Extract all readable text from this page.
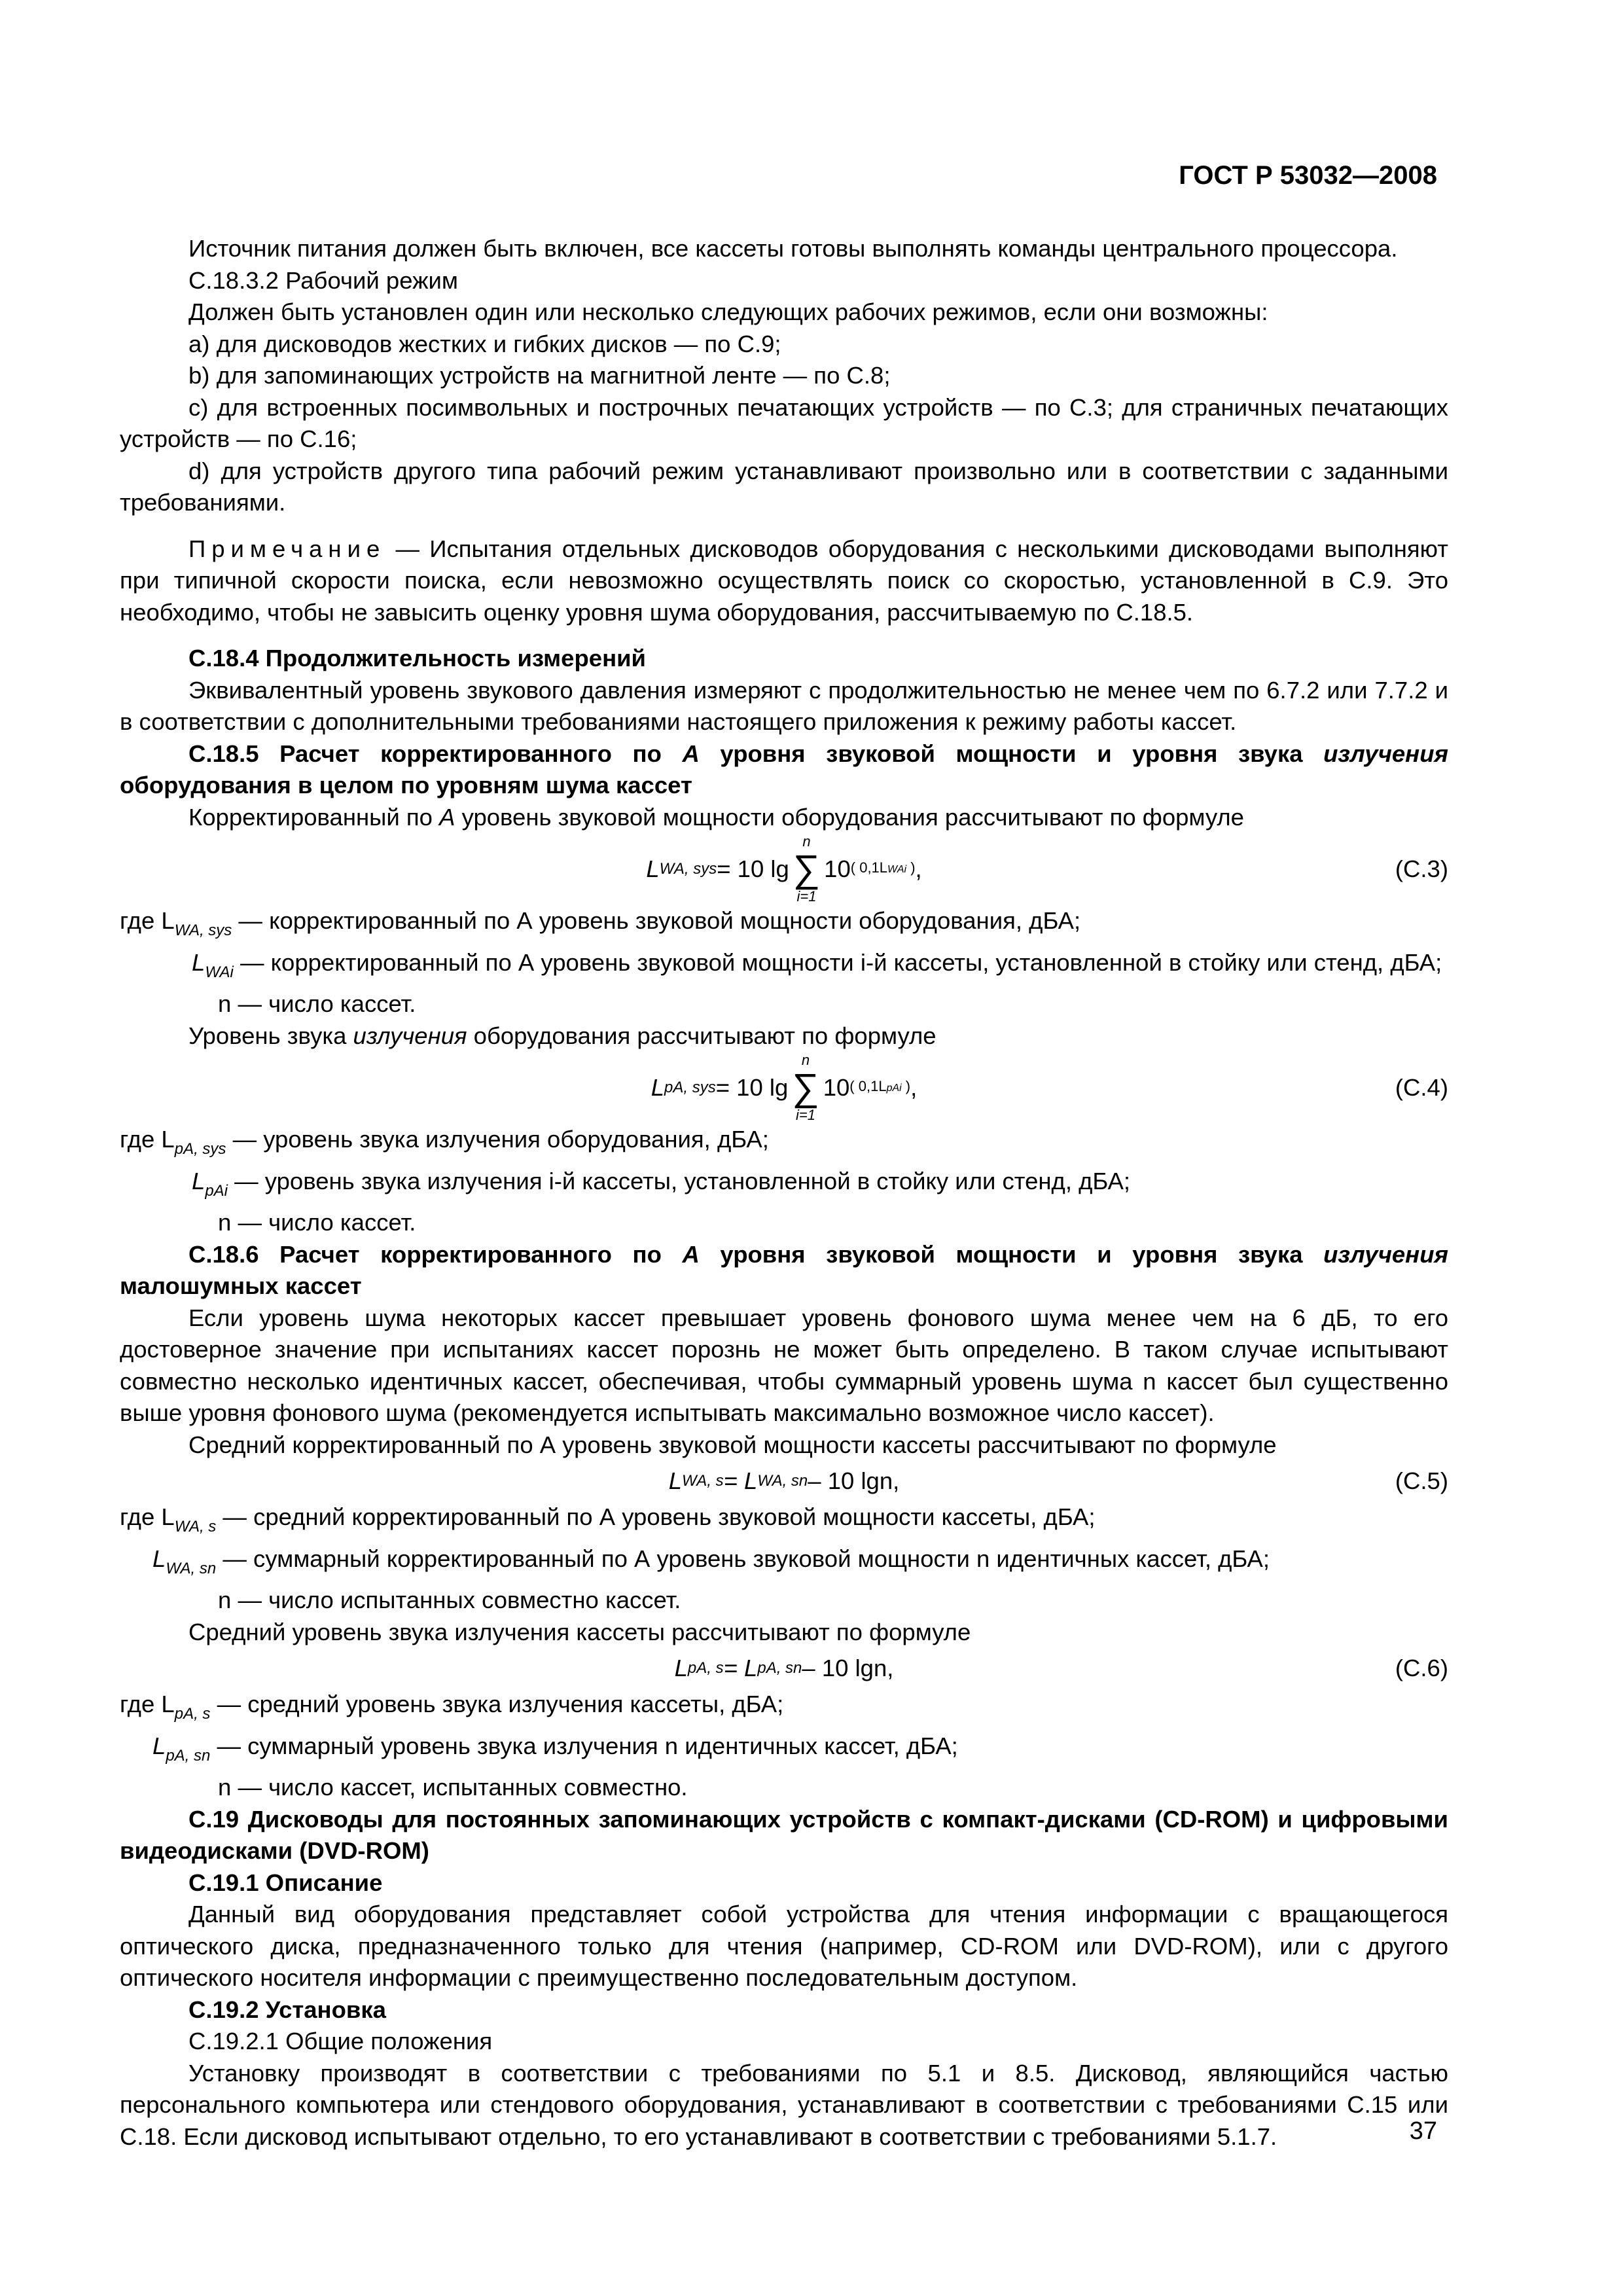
ГОСТ Р 53032—2008

Источник питания должен быть включен, все кассеты готовы выполнять команды центрального процессора.

С.18.3.2 Рабочий режим

Должен быть установлен один или несколько следующих рабочих режимов, если они возможны:

a) для дисководов жестких и гибких дисков — по С.9;

b) для запоминающих устройств на магнитной ленте — по С.8;

c) для встроенных посимвольных и построчных печатающих устройств — по С.3; для страничных печатающих устройств — по С.16;

d) для устройств другого типа рабочий режим устанавливают произвольно или в соответствии с заданными требованиями.

Примечание — Испытания отдельных дисководов оборудования с несколькими дисководами выполняют при типичной скорости поиска, если невозможно осуществлять поиск со скоростью, установленной в С.9. Это необходимо, чтобы не завысить оценку уровня шума оборудования, рассчитываемую по С.18.5.

С.18.4 Продолжительность измерений

Эквивалентный уровень звукового давления измеряют с продолжительностью не менее чем по 6.7.2 или 7.7.2 и в соответствии с дополнительными требованиями настоящего приложения к режиму работы кассет.

С.18.5 Расчет корректированного по А уровня звуковой мощности и уровня звука излучения оборудования в целом по уровням шума кассет

Корректированный по А уровень звуковой мощности оборудования рассчитывают по формуле

L WA, sys = 10 lg
n
∑
i=1
10 ( 0,1LWAi ) ,	(С.3)

где $L_{WA, sys}$ — корректированный по А уровень звуковой мощности оборудования, дБА;

$L_{WAi}$ — корректированный по А уровень звуковой мощности i-й кассеты, установленной в стойку или стенд, дБА;

n — число кассет.

Уровень звука излучения оборудования рассчитывают по формуле

L pA, sys = 10 lg
n
∑
i=1
10 ( 0,1LpAi ) ,	(С.4)

где $L_{pA, sys}$ — уровень звука излучения оборудования, дБА;

$L_{pAi}$ — уровень звука излучения i-й кассеты, установленной в стойку или стенд, дБА;

n — число кассет.

С.18.6 Расчет корректированного по А уровня звуковой мощности и уровня звука излучения малошумных кассет

Если уровень шума некоторых кассет превышает уровень фонового шума менее чем на 6 дБ, то его достоверное значение при испытаниях кассет порознь не может быть определено. В таком случае испытывают совместно несколько идентичных кассет, обеспечивая, чтобы суммарный уровень шума n кассет был существенно выше уровня фонового шума (рекомендуется испытывать максимально возможное число кассет).

Средний корректированный по А уровень звуковой мощности кассеты рассчитывают по формуле

L WA, s = L WA, sn – 10 lgn,	(С.5)

где $L_{WA, s}$ — средний корректированный по А уровень звуковой мощности кассеты, дБА;

$L_{WA, sn}$ — суммарный корректированный по А уровень звуковой мощности n идентичных кассет, дБА;

n — число испытанных совместно кассет.

Средний уровень звука излучения кассеты рассчитывают по формуле

L pA, s = L pA, sn – 10 lgn,	(С.6)

где $L_{pA, s}$ — средний уровень звука излучения кассеты, дБА;

$L_{pA, sn}$ — суммарный уровень звука излучения n идентичных кассет, дБА;

n — число кассет, испытанных совместно.

С.19 Дисководы для постоянных запоминающих устройств с компакт-дисками (CD-ROM) и цифровыми видеодисками (DVD-ROM)

С.19.1 Описание

Данный вид оборудования представляет собой устройства для чтения информации с вращающегося оптического диска, предназначенного только для чтения (например, CD-ROM или DVD-ROM), или с другого оптического носителя информации с преимущественно последовательным доступом.

С.19.2 Установка

С.19.2.1 Общие положения

Установку производят в соответствии с требованиями по 5.1 и 8.5. Дисковод, являющийся частью персонального компьютера или стендового оборудования, устанавливают в соответствии с требованиями С.15 или С.18. Если дисковод испытывают отдельно, то его устанавливают в соответствии с требованиями 5.1.7.	37
